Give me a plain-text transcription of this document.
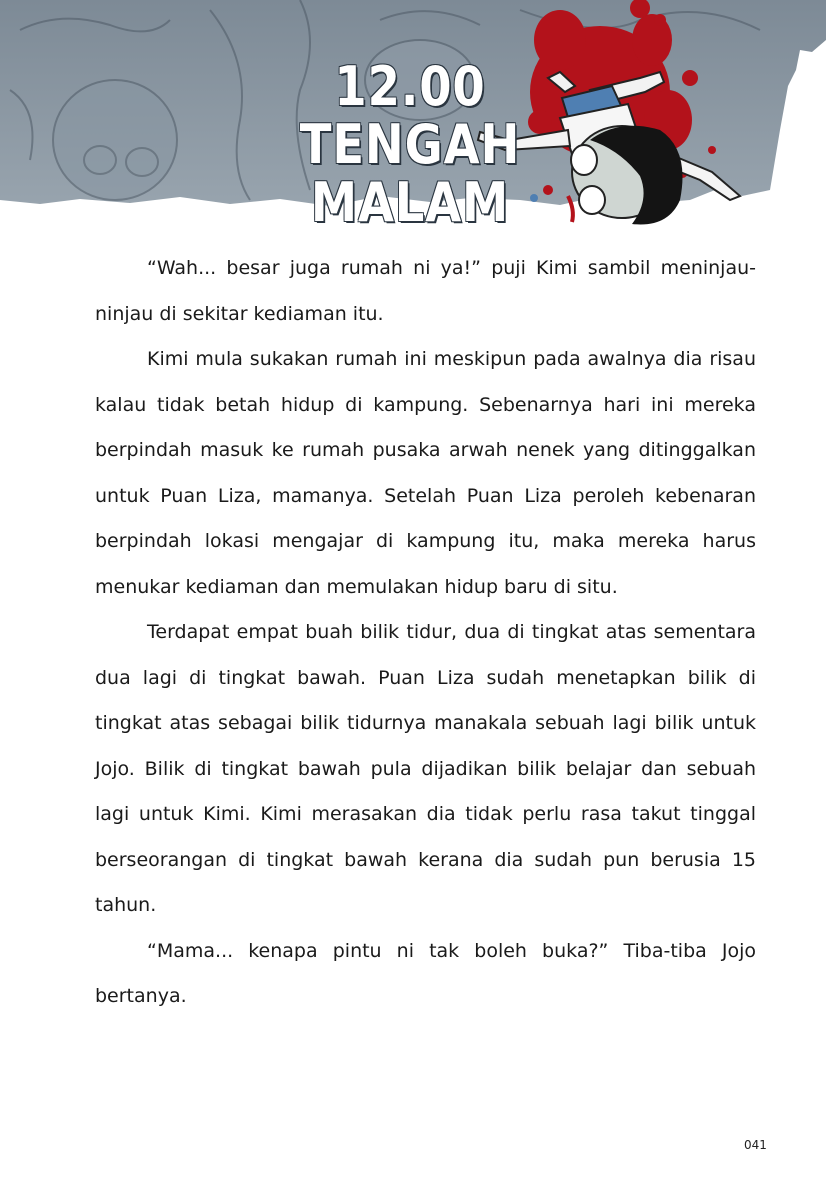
12.00 TENGAH
MALAM

“Wah... besar juga rumah ni ya!” puji Kimi sambil meninjau-ninjau di sekitar kediaman itu.

Kimi mula sukakan rumah ini meskipun pada awalnya dia risau kalau tidak betah hidup di kampung. Sebenarnya hari ini mereka berpindah masuk ke rumah pusaka arwah nenek yang ditinggalkan untuk Puan Liza, mamanya. Setelah Puan Liza peroleh kebenaran berpindah lokasi mengajar di kampung itu, maka mereka harus menukar kediaman dan memulakan hidup baru di situ.

Terdapat empat buah bilik tidur, dua di tingkat atas sementara dua lagi di tingkat bawah. Puan Liza sudah menetapkan bilik di tingkat atas sebagai bilik tidurnya manakala sebuah lagi bilik untuk Jojo. Bilik di tingkat bawah pula dijadikan bilik belajar dan sebuah lagi untuk Kimi. Kimi merasakan dia tidak perlu rasa takut tinggal berseorangan di tingkat bawah kerana dia sudah pun berusia 15 tahun.

“Mama... kenapa pintu ni tak boleh buka?” Tiba-tiba Jojo bertanya.

041
